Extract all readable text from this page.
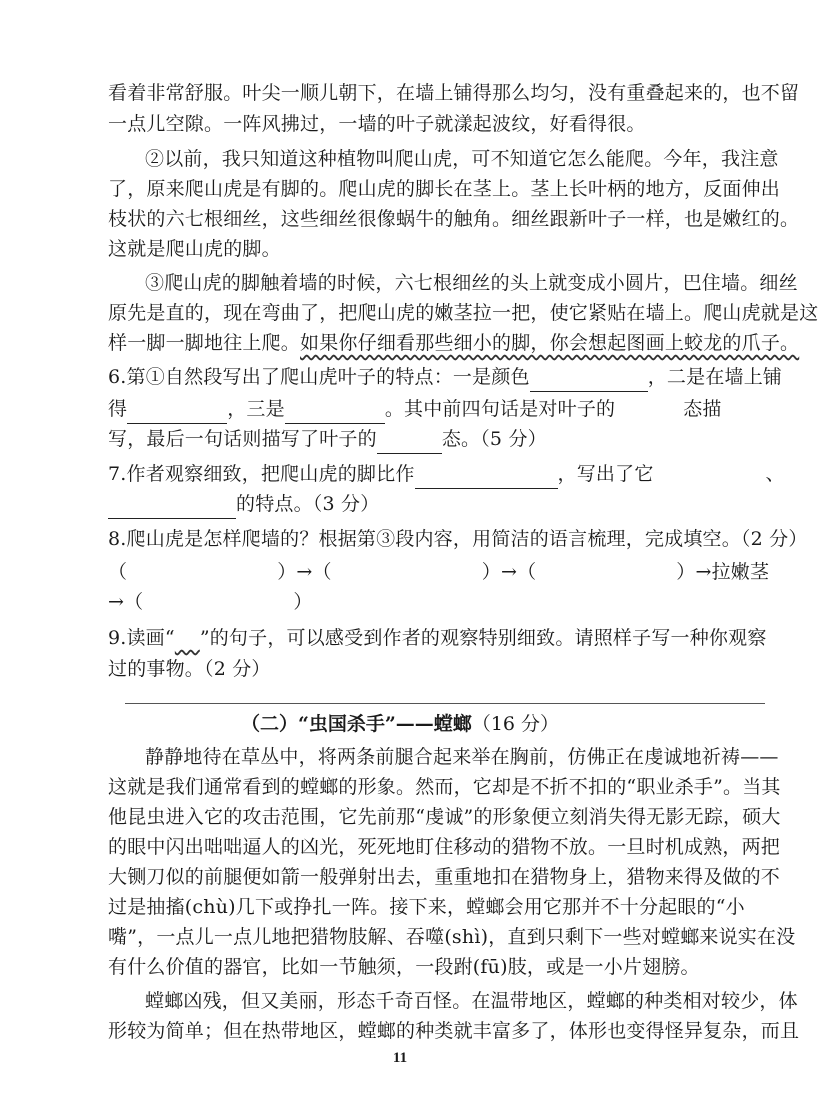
看着非常舒服。叶尖一顺儿朝下，在墙上铺得那么均匀，没有重叠起来的，也不留
一点儿空隙。一阵风拂过，一墙的叶子就漾起波纹，好看得很。
②以前，我只知道这种植物叫爬山虎，可不知道它怎么能爬。今年，我注意
了，原来爬山虎是有脚的。爬山虎的脚长在茎上。茎上长叶柄的地方，反面伸出
枝状的六七根细丝，这些细丝很像蜗牛的触角。细丝跟新叶子一样，也是嫩红的。
这就是爬山虎的脚。
③爬山虎的脚触着墙的时候，六七根细丝的头上就变成小圆片，巴住墙。细丝
原先是直的，现在弯曲了，把爬山虎的嫩茎拉一把，使它紧贴在墙上。爬山虎就是这
样一脚一脚地往上爬。如果你仔细看那些细小的脚，你会想起图画上蛟龙的爪子。
6.第①自然段写出了爬山虎叶子的特点：一是颜色	，二是在墙上铺
得	，三是	。其中前四句话是对叶子的	态描
写，最后一句话则描写了叶子的	态。（5 分）
7.作者观察细致，把爬山虎的脚比作	，写出了它	、
的特点。（3 分）
8.爬山虎是怎样爬墙的？根据第③段内容，用简洁的语言梳理，完成填空。（2 分）
（	）→（	）→（	）→拉嫩茎
→（	）
9.读画“ ”的句子，可以感受到作者的观察特别细致。请照样子写一种你观察
过的事物。（2 分）
（二）“虫国杀手”——螳螂（16 分）
静静地待在草丛中，将两条前腿合起来举在胸前，仿佛正在虔诚地祈祷——
这就是我们通常看到的螳螂的形象。然而，它却是不折不扣的“职业杀手”。当其
他昆虫进入它的攻击范围，它先前那“虔诚”的形象便立刻消失得无影无踪，硕大
的眼中闪出咄咄逼人的凶光，死死地盯住移动的猎物不放。一旦时机成熟，两把
大铡刀似的前腿便如箭一般弹射出去，重重地扣在猎物身上，猎物来得及做的不
过是抽搐(chù)几下或挣扎一阵。接下来，螳螂会用它那并不十分起眼的“小
嘴”，一点儿一点儿地把猎物肢解、吞噬(shì)，直到只剩下一些对螳螂来说实在没
有什么价值的器官，比如一节触须，一段跗(fū)肢，或是一小片翅膀。
螳螂凶残，但又美丽，形态千奇百怪。在温带地区，螳螂的种类相对较少，体
形较为简单；但在热带地区，螳螂的种类就丰富多了，体形也变得怪异复杂，而且
11
